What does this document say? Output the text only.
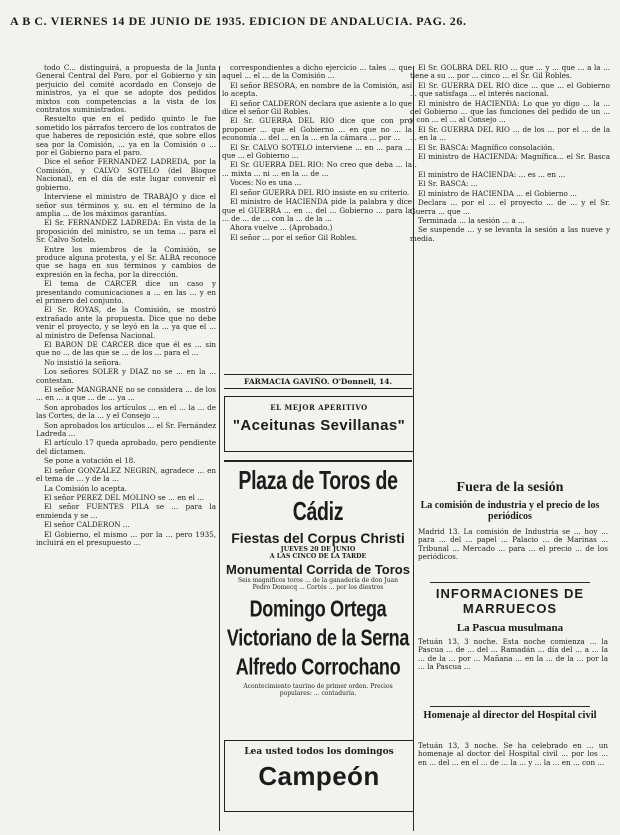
A B C. VIERNES 14 DE JUNIO DE 1935. EDICION DE ANDALUCIA. PAG. 26.

todo C... distinguirá, a propuesta de la Junta General Central del Paro, por el Gobierno y sin perjuicio del comité acordado en Consejo de ministros, ya el que se adopte dos pedidos mixtos con competencias a la vista de los contratos suministrados.

Resuelto que en el pedido quinto le fue sometido los párrafos tercero de los contratos de que haberes de reposición esté, que sobre ellos sea por la Comisión, ... ya en la Comisión o ... por el Gobierno para el paro.

Dice el señor FERNANDEZ LADREDA, por la Comisión, y CALVO SOTELO (del Bloque Nacional), en el día de este lugar convenir el gobierno.

Interviene el ministro de TRABAJO y dice el señor sus términos y, su. en el término de la amplia ... de los máximos garantías.

El Sr. FERNANDEZ LADREDA: En vista de la proposición del ministro, se un tema ... para el Sr. Calvo Sotelo.

Entre los miembros de la Comisión, se produce alguna protesta, y el Sr. ALBA reconoce que se haga en sus términos y cambios de expresión en la fecha, por la dirección.

El tema de CARCER dice un caso y presentando comunicaciones a ... en las ... y en el primero del conjunto.

El Sr. ROYAS, de la Comisión, se mostró extrañado ante la propuesta. Dice que no debe venir el proyecto, y se leyó en la ... ya que el ... al ministro de Defensa Nacional.

El BARON DE CARCER dice que él es ... sin que no ... de las que se ... de los ... para el ...

No insistió la señora.

Los señores SOLER y DIAZ no se ... en la ... contestan.

El señor MANGRANE no se considera ... de los ... en ... a que ... de ... ya ...

Son aprobados los artículos ... en el ... la ... de las Cortes, de la ... y el Consejo ...

Son aprobados los artículos ... el Sr. Fernández Ladreda ...

El artículo 17 queda aprobado, pero pendiente del dictamen.

Se pone a votación el 18.

El señor GONZALEZ NEGRIN, agradece ... en el tema de ... y de la ...

La Comisión lo acepta.

El señor PEREZ DEL MOLINO se ... en el ...

El señor FUENTES PILA se ... para la enmienda y se ...

El señor CALDERON ...

El Gobierno, el mismo ... por la ... pero 1935, incluirá en el presupuesto ...

correspondientes a dicho ejercicio ... tales ... que aquel ... el ... de la Comisión ...

El señor BESORA, en nombre de la Comisión, así lo acepta.

El señor CALDERON declara que asiente a lo que dice el señor Gil Robles.

El Sr. GUERRA DEL RIO dice que con pro proponer ... que el Gobierno ... en que no ... la economía ... del ... en la ... en la cámara ... por ...

El Sr. CALVO SOTELO interviene ... en ... para ... que ... el Gobierno ...

El Sr. GUERRA DEL RIO: No creo que deba ... la ... mixta ... ni ... en la ... de ...

Voces: No es una ...

El señor GUERRA DEL RIO insiste en su criterio.

El ministro de HACIENDA pide la palabra y dice que el GUERRA ... en ... del ... Gobierno ... para la ... de ... de ... con la ... de la ...

Ahora vuelve ... (Aprobado.)

El señor ... por el señor Gil Robles.

FARMACIA GAVIÑO. O'Donnell, 14.
EL MEJOR APERITIVO
"Aceitunas Sevillanas"
Plaza de Toros de Cádiz
Fiestas del Corpus Christi
JUEVES 20 DE JUNIO
A LAS CINCO DE LA TARDE
Monumental Corrida de Toros
Seis magníficos toros ... de la ganadería de don Juan Pedro Domecq ... Cortés ... por los diestros
Domingo Ortega
Victoriano de la Serna
Alfredo Corrochano
Acontecimiento taurino de primer orden. Precios populares: ... contaduría.
Lea usted todos los domingos
Campeón

El Sr. GOLBRA DEL RIO ... que ... y ... que ... a la ... tiene a su ... por ... cinco ... el Sr. Gil Robles.

El Sr. GUERRA DEL RIO dice ... que ... el Gobierno ... que satisfaga ... el interés nacional.

El ministro de HACIENDA: Lo que yo digo ... la ... del Gobierno ... que las funciones del pedido de un ... y con ... el ... al Consejo ...

El Sr. GUERRA DEL RIO ... de los ... por el ... de la ... en la ...

El Sr. BASCA: Magnífico consolación.

El ministro de HACIENDA: Magnífica... el Sr. Basca ...

El ministro de HACIENDA: ... es ... en ...

El Sr. BASCA: ...

El ministro de HACIENDA ... el Gobierno ...

Declara ... por el ... el proyecto ... de ... y el Sr. Guerra ... que ...

Terminada ... la sesión ... a ...

Se suspende ... y se levanta la sesión a las nueve y media.

Fuera de la sesión
La comisión de industria y el precio de los periódicos
Madrid 13. La comisión de Industria se ... hoy ... para ... del ... papel ... Palacio ... de Marinas ... Tribunal ... Mercado ... para ... el precio ... de los periódicos.
INFORMACIONES DE MARRUECOS
La Pascua musulmana
Tetuán 13, 3 noche. Esta noche comienza ... la Pascua ... de ... del ... Ramadán ... día del ... a ... la ... de la ... por ... Mañana ... en la ... de la ... por la ... la Pascua ...
Homenaje al director del Hospital civil
Tetuán 13, 3 noche. Se ha celebrado en ... un homenaje al doctor del Hospital civil ... por los ... en ... del ... en el ... de ... la ... y ... la ... en ... con ...
